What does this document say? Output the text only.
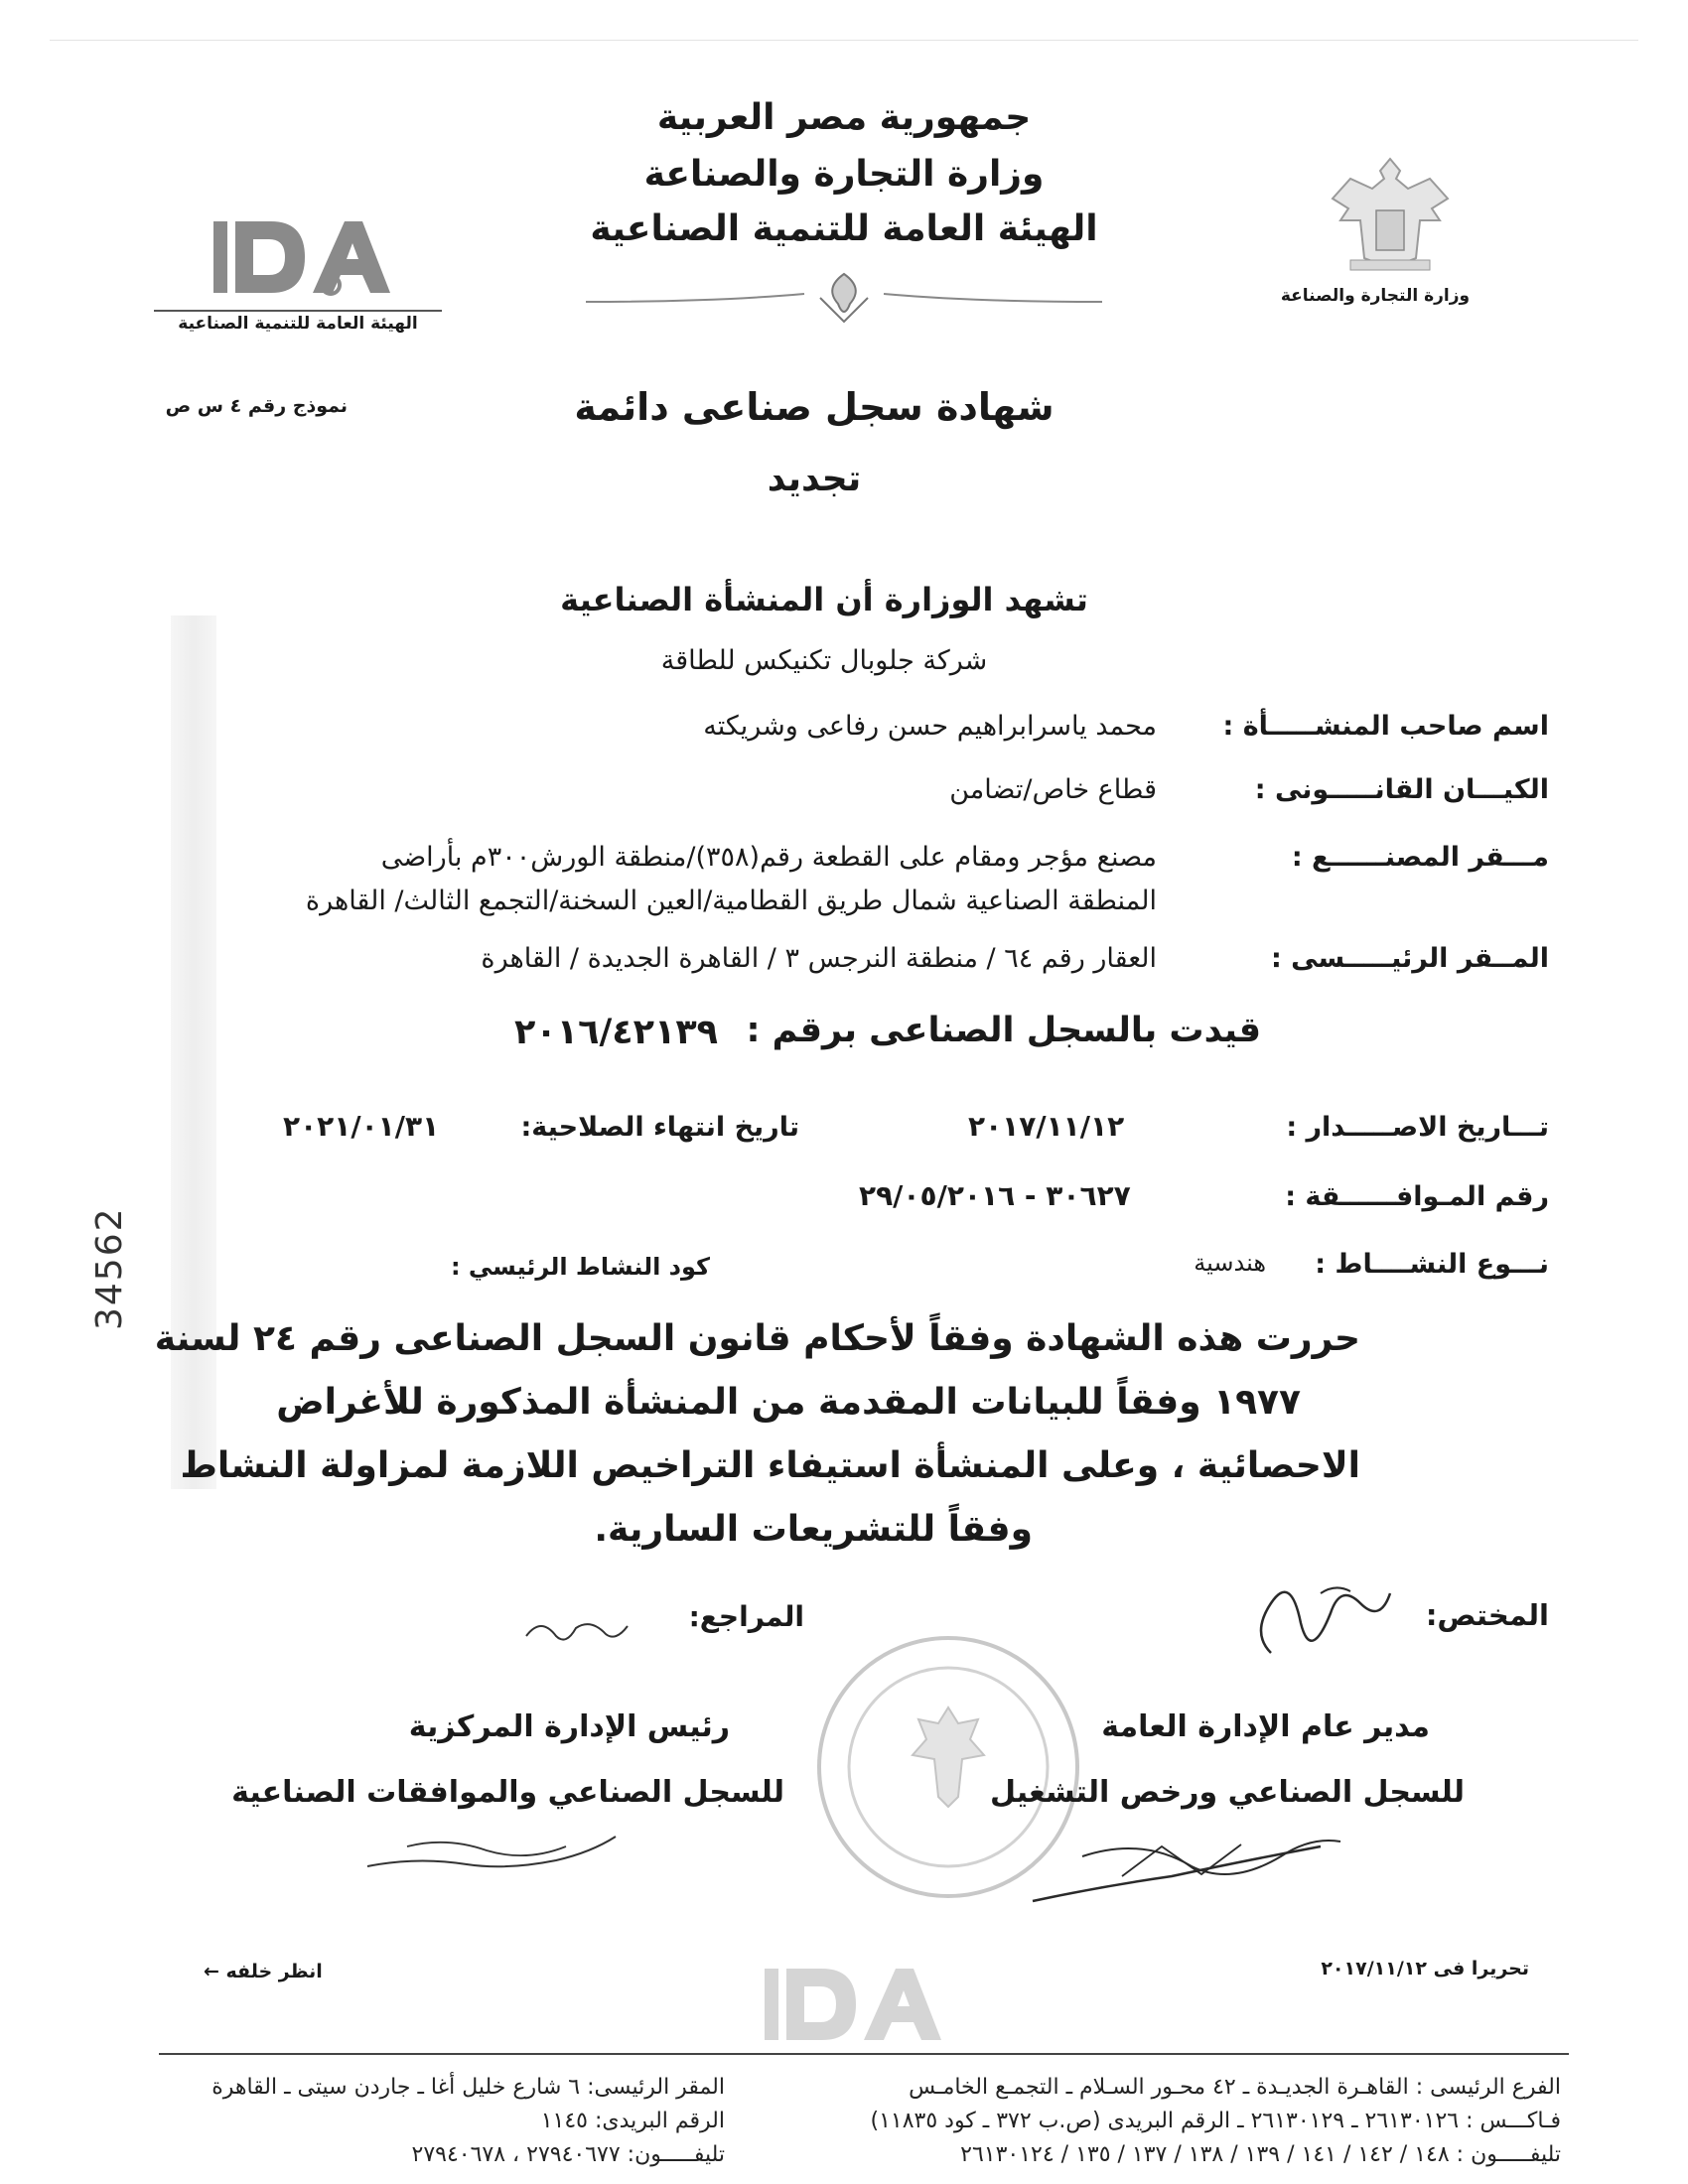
وزارة التجارة والصناعة
الهيئة العامة للتنمية الصناعية
جمهورية مصر العربية
وزارة التجارة والصناعة
الهيئة العامة للتنمية الصناعية
نموذج رقم ٤ س ص	شهادة سجل صناعى دائمة
تجديد
تشهد الوزارة أن المنشأة الصناعية
شركة جلوبال تكنيكس للطاقة
اسم صاحب المنشـــــأة :
محمد ياسرابراهيم حسن رفاعى وشريكته
الكيـــان القانـــــونى :
قطاع خاص/تضامن
مـــقر المصنــــــع :
مصنع مؤجر ومقام على القطعة رقم(٣٥٨)/منطقة الورش٣٠٠م بأراضى
المنطقة الصناعية شمال طريق القطامية/العين السخنة/التجمع الثالث/ القاهرة
المــقر الرئيـــــسى :
العقار رقم ٦٤ / منطقة النرجس ٣ / القاهرة الجديدة / القاهرة
قيدت بالسجل الصناعى برقم :
٢٠١٦/٤٢١٣٩
تـــاريخ الاصـــــدار :
٢٠١٧/١١/١٢
تاريخ انتهاء الصلاحية:
٢٠٢١/٠١/٣١
رقم المـوافــــــقة :
٣٠٦٢٧ - ٢٩/٠٥/٢٠١٦
نـــوع النشــــاط :
هندسية
كود النشاط الرئيسي :
حررت هذه الشهادة وفقاً لأحكام قانون السجل الصناعى رقم ٢٤ لسنة
١٩٧٧ وفقاً للبيانات المقدمة من المنشأة المذكورة للأغراض
الاحصائية ، وعلى المنشأة استيفاء التراخيص اللازمة لمزاولة النشاط
وفقاً للتشريعات السارية.
المختص:
المراجع:
مدير عام الإدارة العامة
للسجل الصناعي ورخص التشغيل
رئيس الإدارة المركزية
للسجل الصناعي والموافقات الصناعية
تحريرا فى ٢٠١٧/١١/١٢
انظر خلفه ←
الفرع الرئيسى : القاهـرة الجديـدة ـ ٤٢ محـور السـلام ـ التجمـع الخامـس
فـاكـــس : ٢٦١٣٠١٢٦ ـ ٢٦١٣٠١٢٩ ـ الرقم البريدى (ص.ب ٣٧٢ ـ كود ١١٨٣٥)
تليفـــــون : ١٤٨ / ١٤٢ / ١٤١ / ١٣٩ / ١٣٨ / ١٣٧ / ١٣٥ / ٢٦١٣٠١٢٤
المقر الرئيسى: ٦ شارع خليل أغا ـ جاردن سيتى ـ القاهرة
الرقم البريدى: ١١٤٥
تليفـــــون: ٢٧٩٤٠٦٧٧ ، ٢٧٩٤٠٦٧٨
34562
